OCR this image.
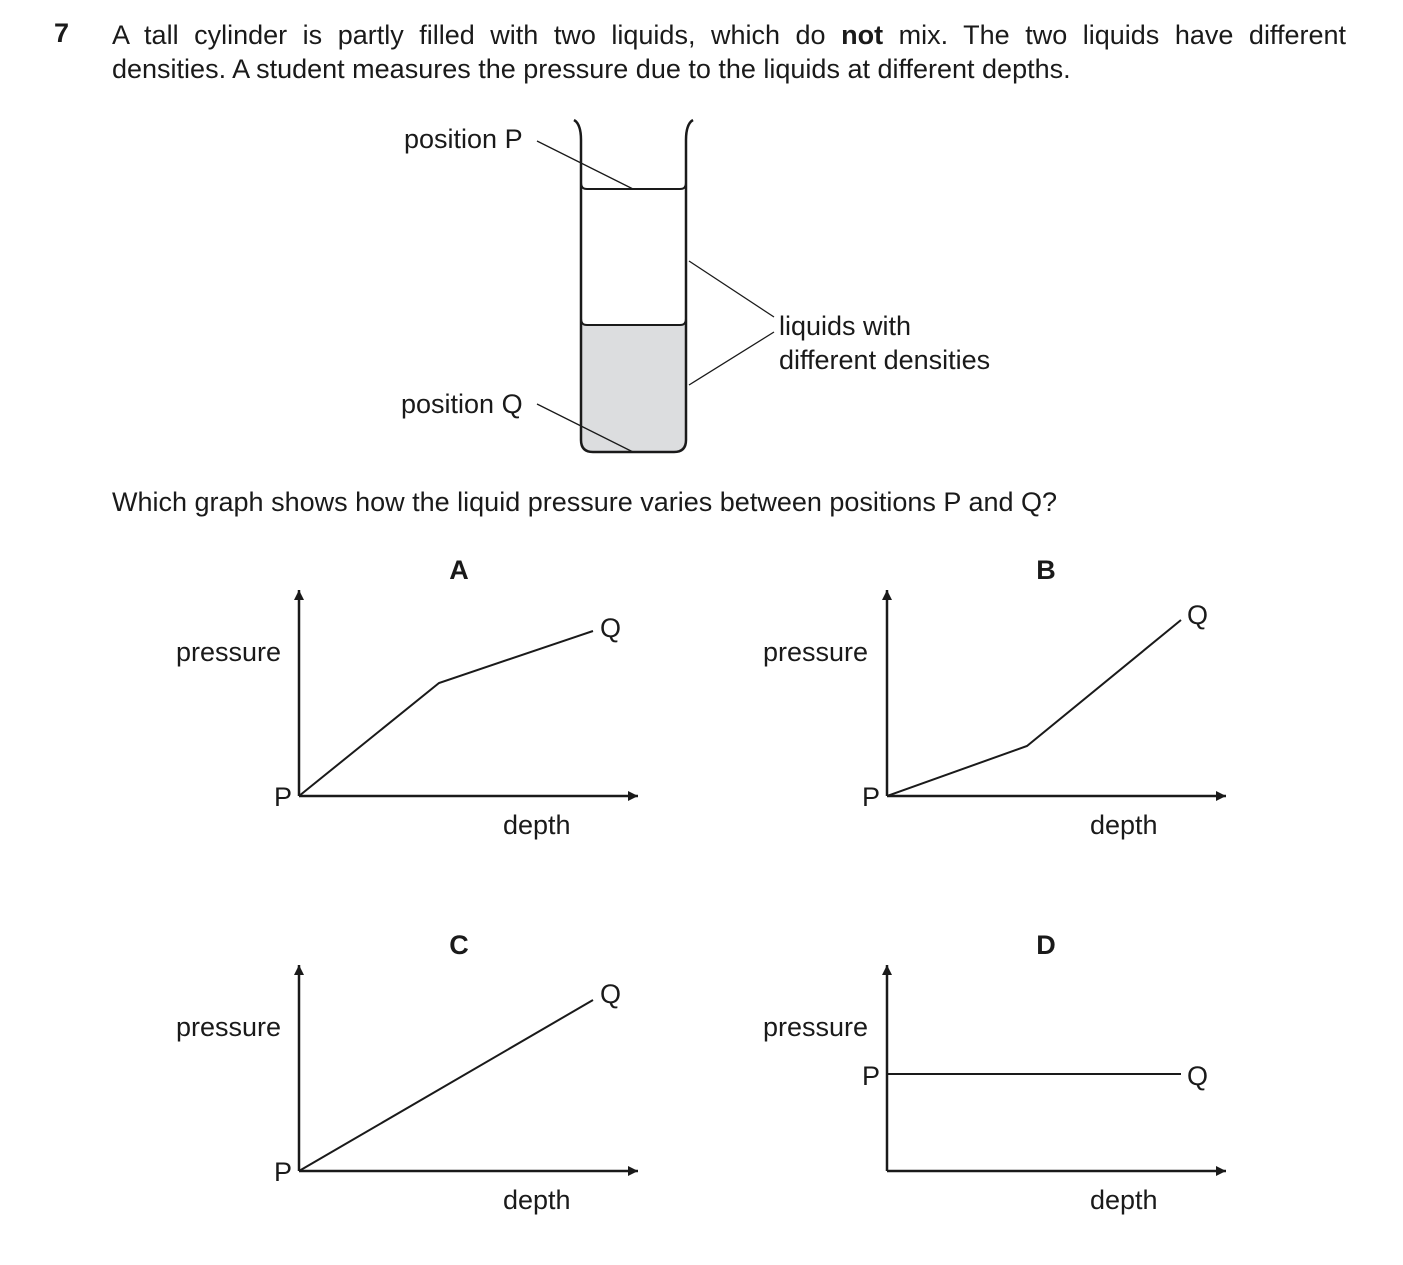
7 A tall cylinder is partly filled with two liquids, which do not mix. The two liquids have different
densities. A student measures the pressure due to the liquids at different depths.
Which graph shows how the liquid pressure varies between positions P and Q?
position P
position Q
liquids with
different densities
A
pressure
depth
P
Q
B
pressure
depth
P
Q
C
pressure
depth
P
Q
D
pressure
depth
P	Q
